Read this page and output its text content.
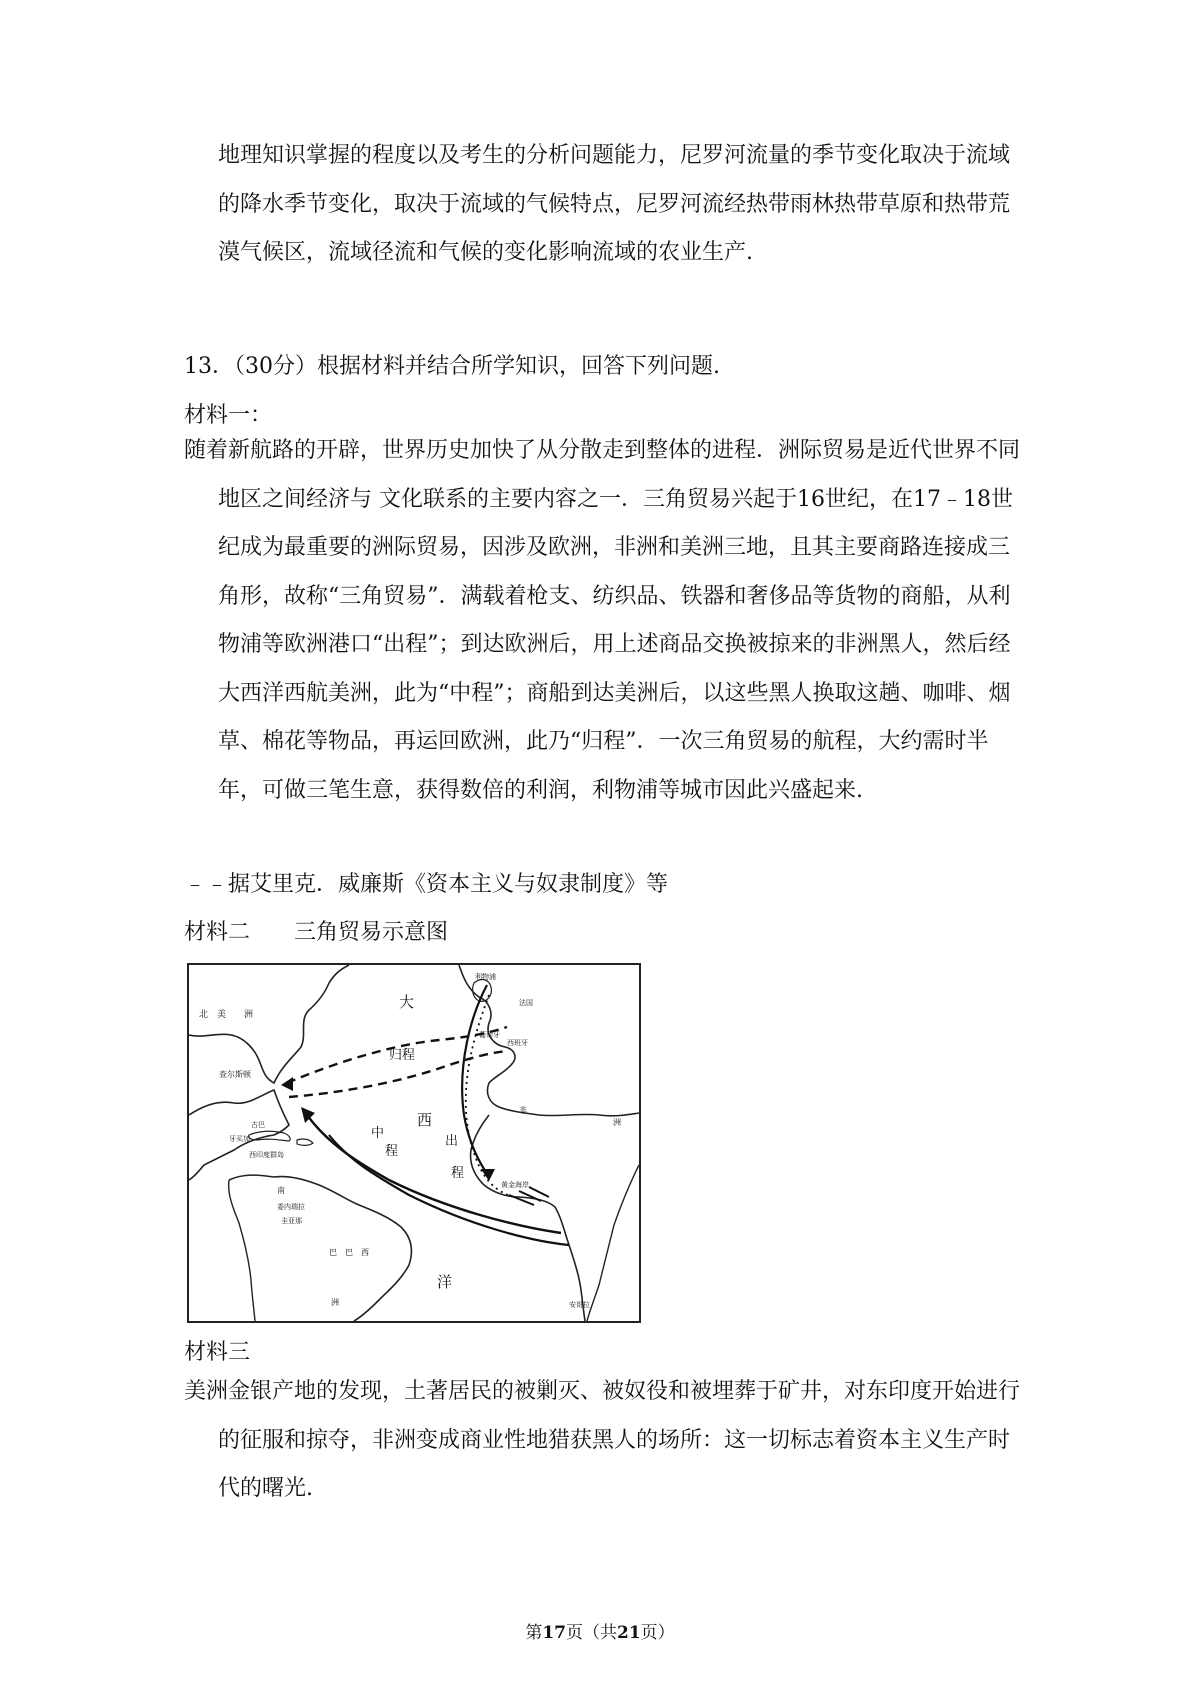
地理知识掌握的程度以及考生的分析问题能力，尼罗河流量的季节变化取决于流域的降水季节变化，取决于流域的气候特点，尼罗河流经热带雨林热带草原和热带荒漠气候区，流域径流和气候的变化影响流域的农业生产.

13．（30分）根据材料并结合所学知识，回答下列问题.

材料一：

随着新航路的开辟，世界历史加快了从分散走到整体的进程．洲际贸易是近代世界不同地区之间经济与 文化联系的主要内容之一．三角贸易兴起于16世纪，在17﹣18世纪成为最重要的洲际贸易，因涉及欧洲，非洲和美洲三地，且其主要商路连接成三角形，故称“三角贸易”．满载着枪支、纺织品、铁器和奢侈品等货物的商船，从利物浦等欧洲港口“出程”；到达欧洲后，用上述商品交换被掠来的非洲黑人，然后经大西洋西航美洲，此为“中程”；商船到达美洲后，以这些黑人换取这趟、咖啡、烟草、棉花等物品，再运回欧洲，此乃“归程”．一次三角贸易的航程，大约需时半年，可做三笔生意，获得数倍的利润，利物浦等城市因此兴盛起来.

﹣﹣据艾里克．威廉斯《资本主义与奴隶制度》等

材料二　　三角贸易示意图

北　美　　洲
大
西
洋
归程
中
程
出
程
查尔斯顿
古巴
牙买加
西印度群岛
利物浦
法国
葡萄牙
西班牙
南
委内瑞拉
圭亚那
巴　巴　西
洲
非
洲
黄金海岸
安哥拉

材料三

美洲金银产地的发现，土著居民的被剿灭、被奴役和被埋葬于矿井，对东印度开始进行的征服和掠夺，非洲变成商业性地猎获黑人的场所：这一切标志着资本主义生产时代的曙光.

第17页（共21页）
